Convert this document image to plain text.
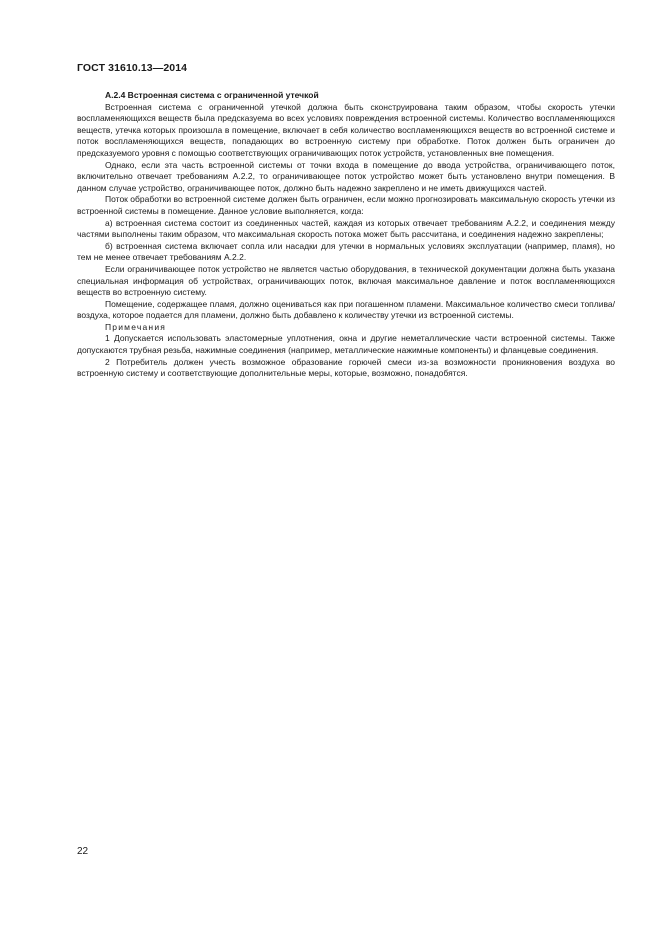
ГОСТ 31610.13—2014

A.2.4 Встроенная система с ограниченной утечкой

Встроенная система с ограниченной утечкой должна быть сконструирована таким образом, чтобы скорость утечки воспламеняющихся веществ была предсказуема во всех условиях повреждения встроенной системы. Количество воспламеняющихся веществ, утечка которых произошла в помещение, включает в себя количество воспламеняющихся веществ во встроенной системе и поток воспламеняющихся веществ, попадающих во встроенную систему при обработке. Поток должен быть ограничен до предсказуемого уровня с помощью соответствующих ограничивающих поток устройств, установленных вне помещения.

Однако, если эта часть встроенной системы от точки входа в помещение до ввода устройства, ограничивающего поток, включительно отвечает требованиям А.2.2, то ограничивающее поток устройство может быть установлено внутри помещения. В данном случае устройство, ограничивающее поток, должно быть надежно закреплено и не иметь движущихся частей.

Поток обработки во встроенной системе должен быть ограничен, если можно прогнозировать максимальную скорость утечки из встроенной системы в помещение. Данное условие выполняется, когда:

а) встроенная система состоит из соединенных частей, каждая из которых отвечает требованиям А.2.2, и соединения между частями выполнены таким образом, что максимальная скорость потока может быть рассчитана, и соединения надежно закреплены;

б) встроенная система включает сопла или насадки для утечки в нормальных условиях эксплуатации (например, пламя), но тем не менее отвечает требованиям А.2.2.

Если ограничивающее поток устройство не является частью оборудования, в технической документации должна быть указана специальная информация об устройствах, ограничивающих поток, включая максимальное давление и поток воспламеняющихся веществ во встроенную систему.

Помещение, содержащее пламя, должно оцениваться как при погашенном пламени. Максимальное количество смеси топлива/воздуха, которое подается для пламени, должно быть добавлено к количеству утечки из встроенной системы.

Примечания

1 Допускается использовать эластомерные уплотнения, окна и другие неметаллические части встроенной системы. Также допускаются трубная резьба, нажимные соединения (например, металлические нажимные компоненты) и фланцевые соединения.

2 Потребитель должен учесть возможное образование горючей смеси из-за возможности проникновения воздуха во встроенную систему и соответствующие дополнительные меры, которые, возможно, понадобятся.

22
